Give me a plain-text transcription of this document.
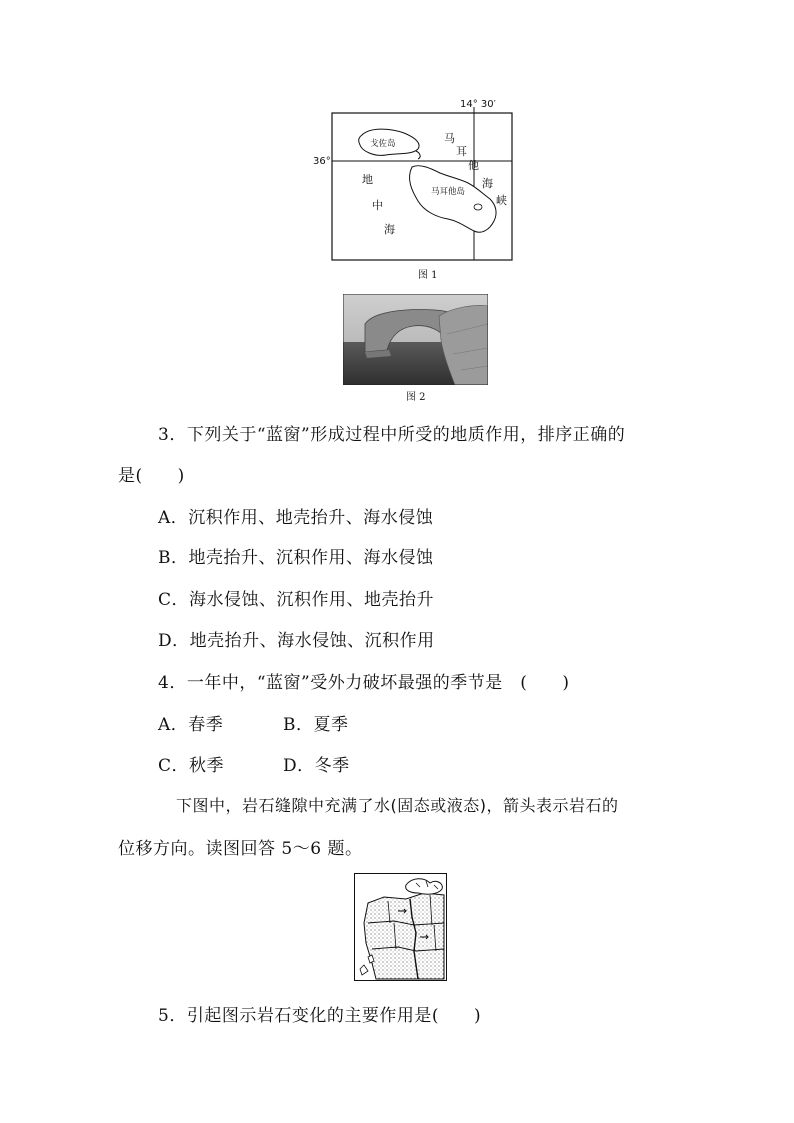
14° 30′
36°
戈佐岛
马耳他岛
马
耳
他
海
峡
地
中
海
图 1
图 2
3．下列关于“蓝窗”形成过程中所受的地质作用，排序正确的
是(　　)
A．沉积作用、地壳抬升、海水侵蚀
B．地壳抬升、沉积作用、海水侵蚀
C．海水侵蚀、沉积作用、地壳抬升
D．地壳抬升、海水侵蚀、沉积作用
4．一年中，“蓝窗”受外力破坏最强的季节是　(　　)
A．春季	B．夏季
C．秋季	D．冬季
下图中，岩石缝隙中充满了水(固态或液态)，箭头表示岩石的
位移方向。读图回答 5～6 题。
5．引起图示岩石变化的主要作用是(　　)
